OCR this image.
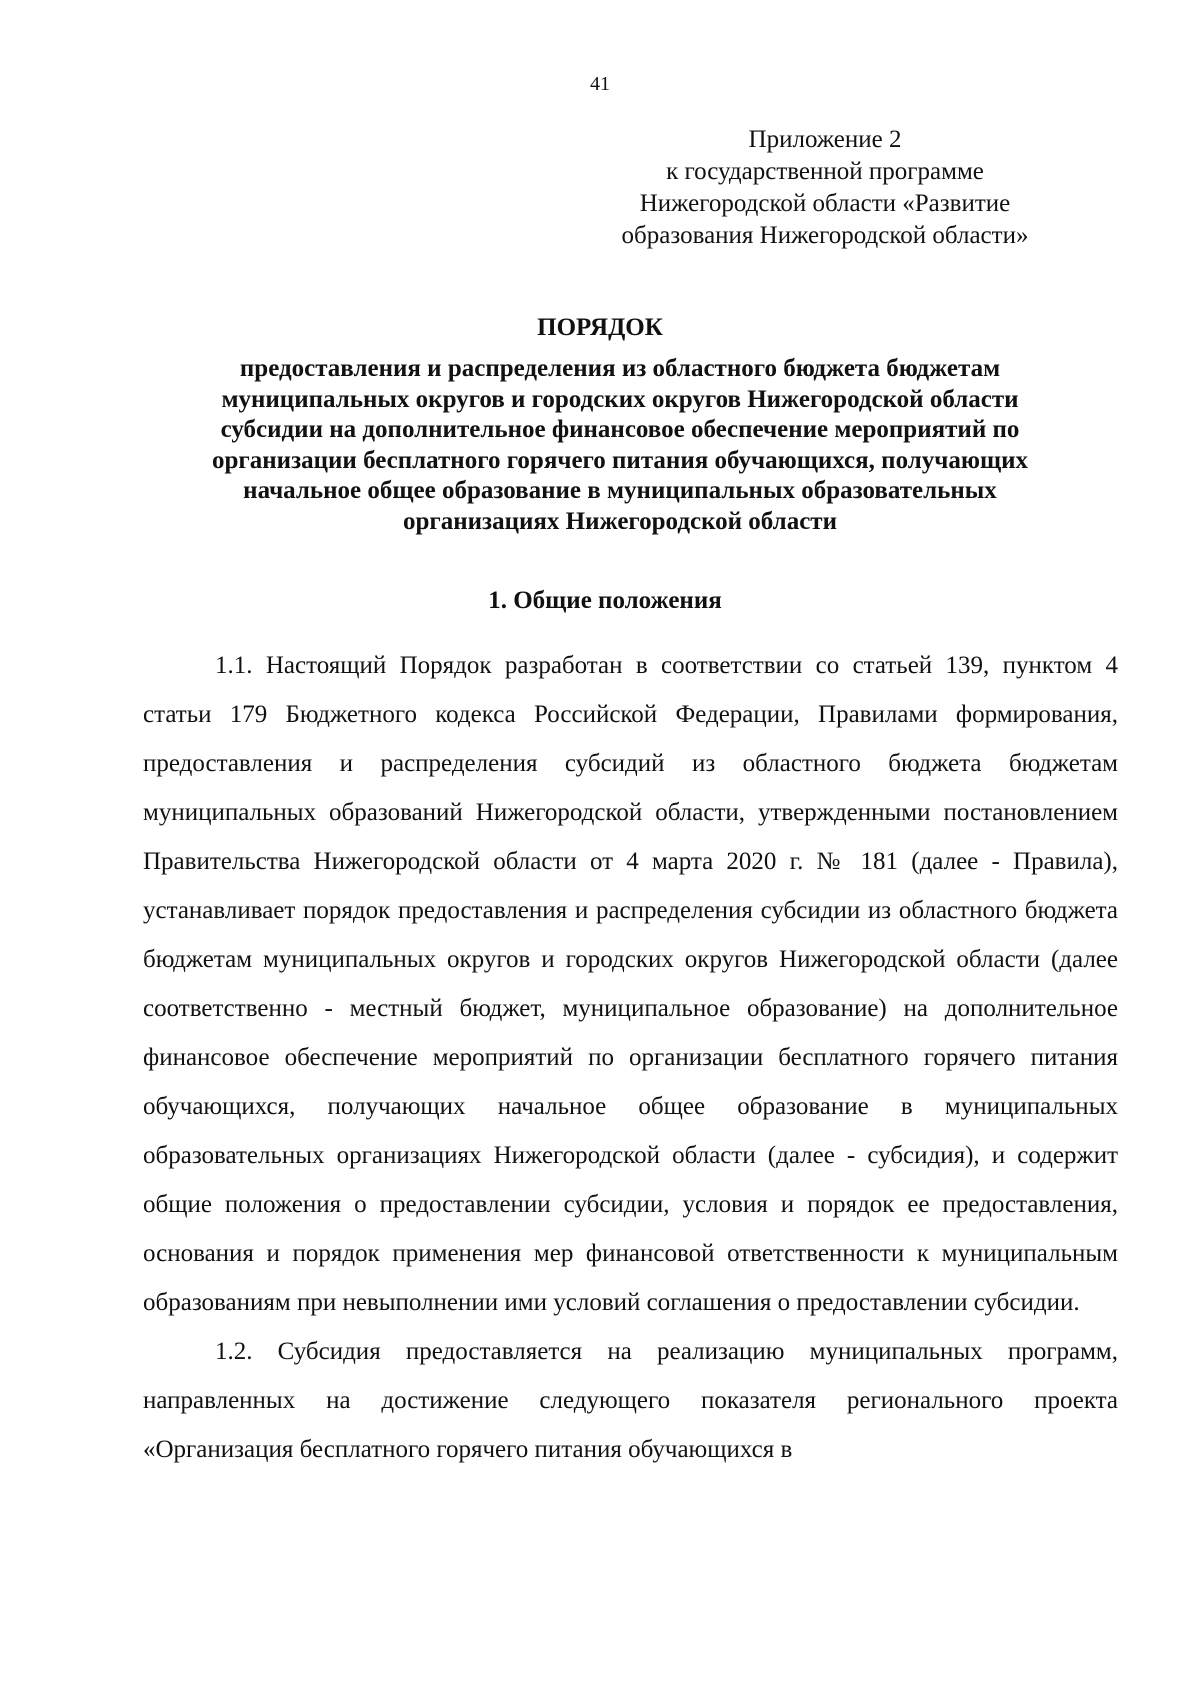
41
Приложение 2
к государственной программе
Нижегородской области «Развитие
образования Нижегородской области»
ПОРЯДОК
предоставления и распределения из областного бюджета бюджетам
муниципальных округов и городских округов Нижегородской области
субсидии на дополнительное финансовое обеспечение мероприятий по
организации бесплатного горячего питания обучающихся, получающих
начальное общее образование в муниципальных образовательных
организациях Нижегородской области
1. Общие положения

1.1. Настоящий Порядок разработан в соответствии со статьей 139, пунктом 4 статьи 179 Бюджетного кодекса Российской Федерации, Правилами формирования, предоставления и распределения субсидий из областного бюджета бюджетам муниципальных образований Нижегородской области, утвержденными постановлением Правительства Нижегородской области от 4 марта 2020 г. № 181 (далее - Правила), устанавливает порядок предоставления и распределения субсидии из областного бюджета бюджетам муниципальных округов и городских округов Нижегородской области (далее соответственно - местный бюджет, муниципальное образование) на дополнительное финансовое обеспечение мероприятий по организации бесплатного горячего питания обучающихся, получающих начальное общее образование в муниципальных образовательных организациях Нижегородской области (далее - субсидия), и содержит общие положения о предоставлении субсидии, условия и порядок ее предоставления, основания и порядок применения мер финансовой ответственности к муниципальным образованиям при невыполнении ими условий соглашения о предоставлении субсидии.

1.2. Субсидия предоставляется на реализацию муниципальных программ, направленных на достижение следующего показателя регионального проекта «Организация бесплатного горячего питания обучающихся в
